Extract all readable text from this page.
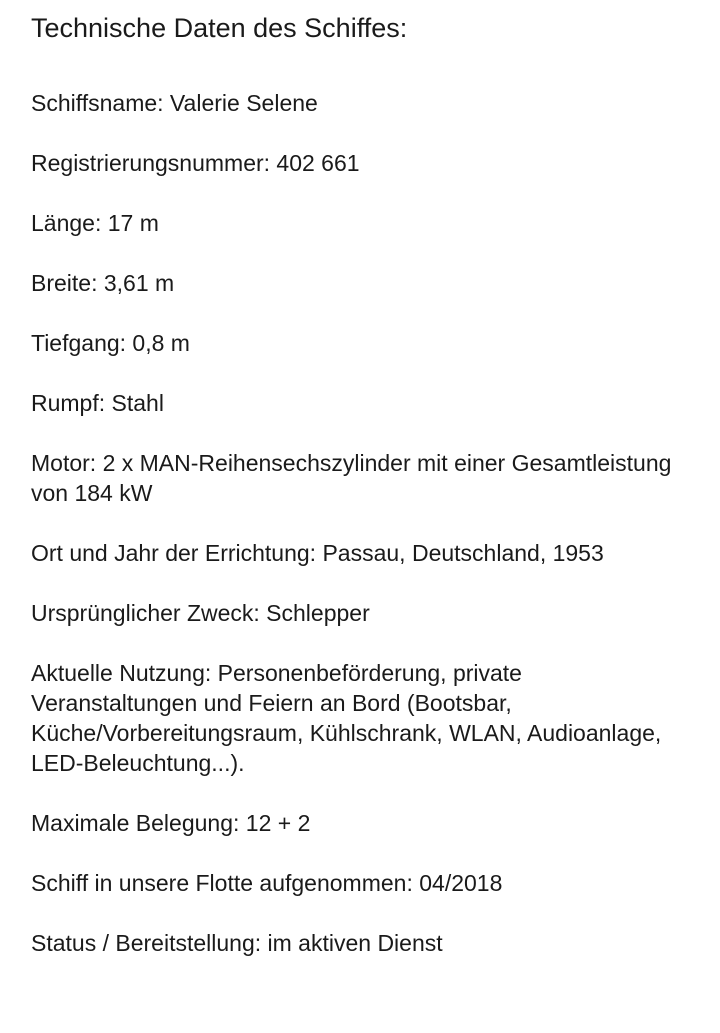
Technische Daten des Schiffes:
Schiffsname: Valerie Selene
Registrierungsnummer: 402 661
Länge: 17 m
Breite: 3,61 m
Tiefgang: 0,8 m
Rumpf: Stahl
Motor: 2 x MAN-Reihensechszylinder mit einer Gesamtleistung von 184 kW
Ort und Jahr der Errichtung: Passau, Deutschland, 1953
Ursprünglicher Zweck: Schlepper
Aktuelle Nutzung: Personenbeförderung, private Veranstaltungen und Feiern an Bord (Bootsbar, Küche/Vorbereitungsraum, Kühlschrank, WLAN, Audioanlage, LED-Beleuchtung...).
Maximale Belegung: 12 + 2
Schiff in unsere Flotte aufgenommen: 04/2018
Status / Bereitstellung: im aktiven Dienst
